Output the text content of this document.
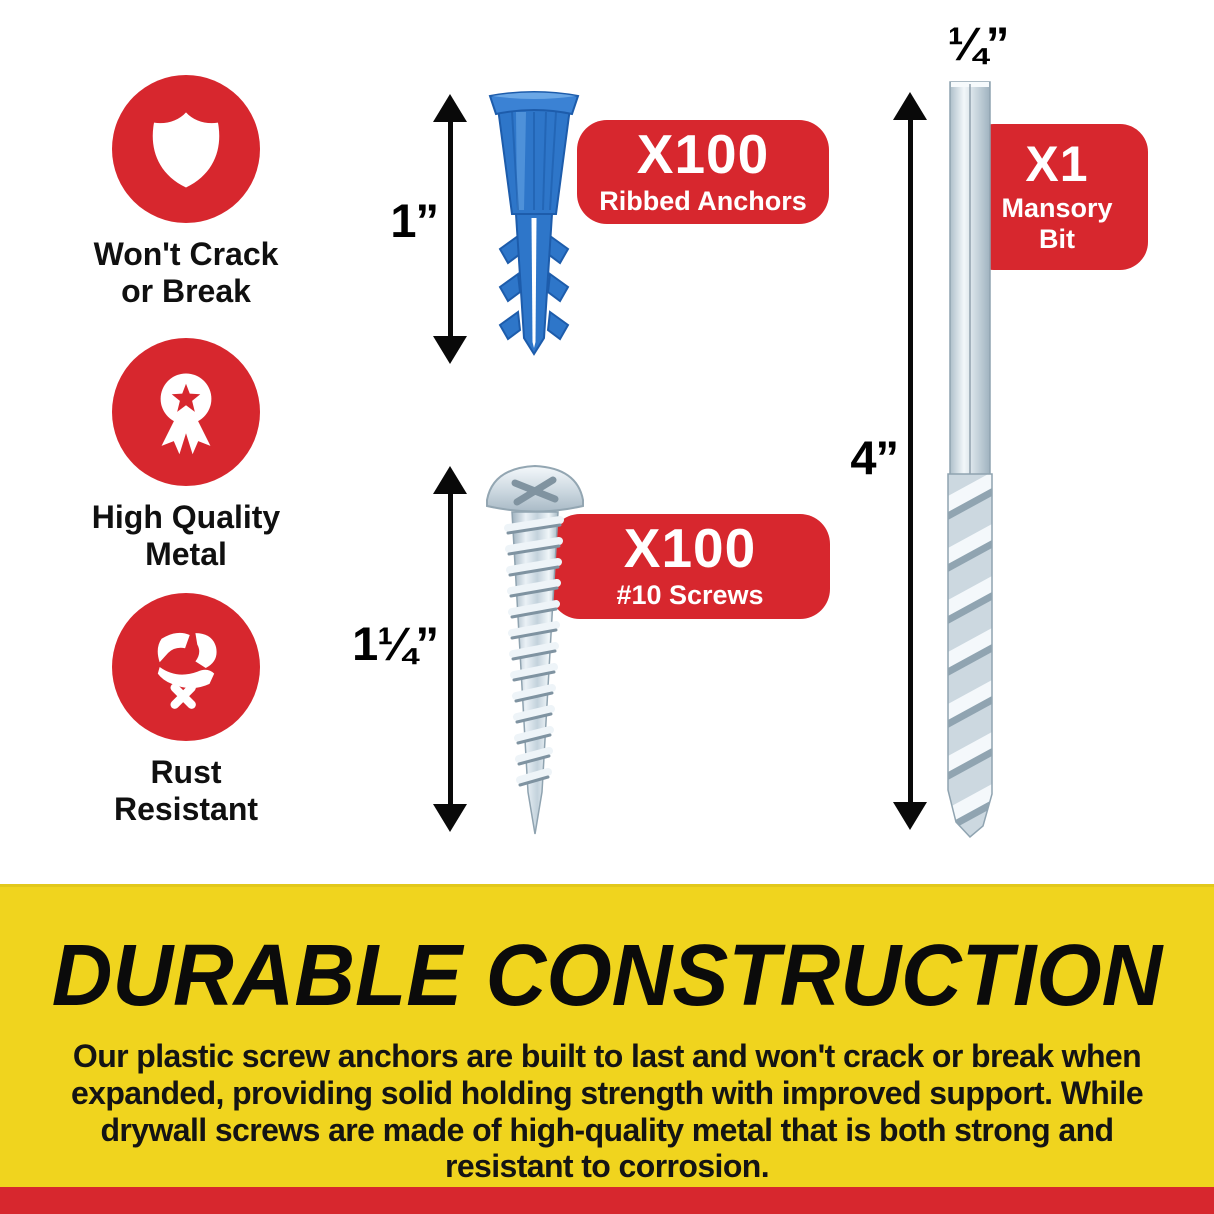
Won't Crack
or Break
High Quality
Metal
Rust
Resistant
1”
X100
Ribbed Anchors
1¼”
X100
#10 Screws
¼”
4”
X1
Mansory
Bit
DURABLE CONSTRUCTION

Our plastic screw anchors are built to last and won't crack or break when expanded, providing solid holding strength with improved support. While drywall screws are made of high-quality metal that is both strong and resistant to corrosion.
